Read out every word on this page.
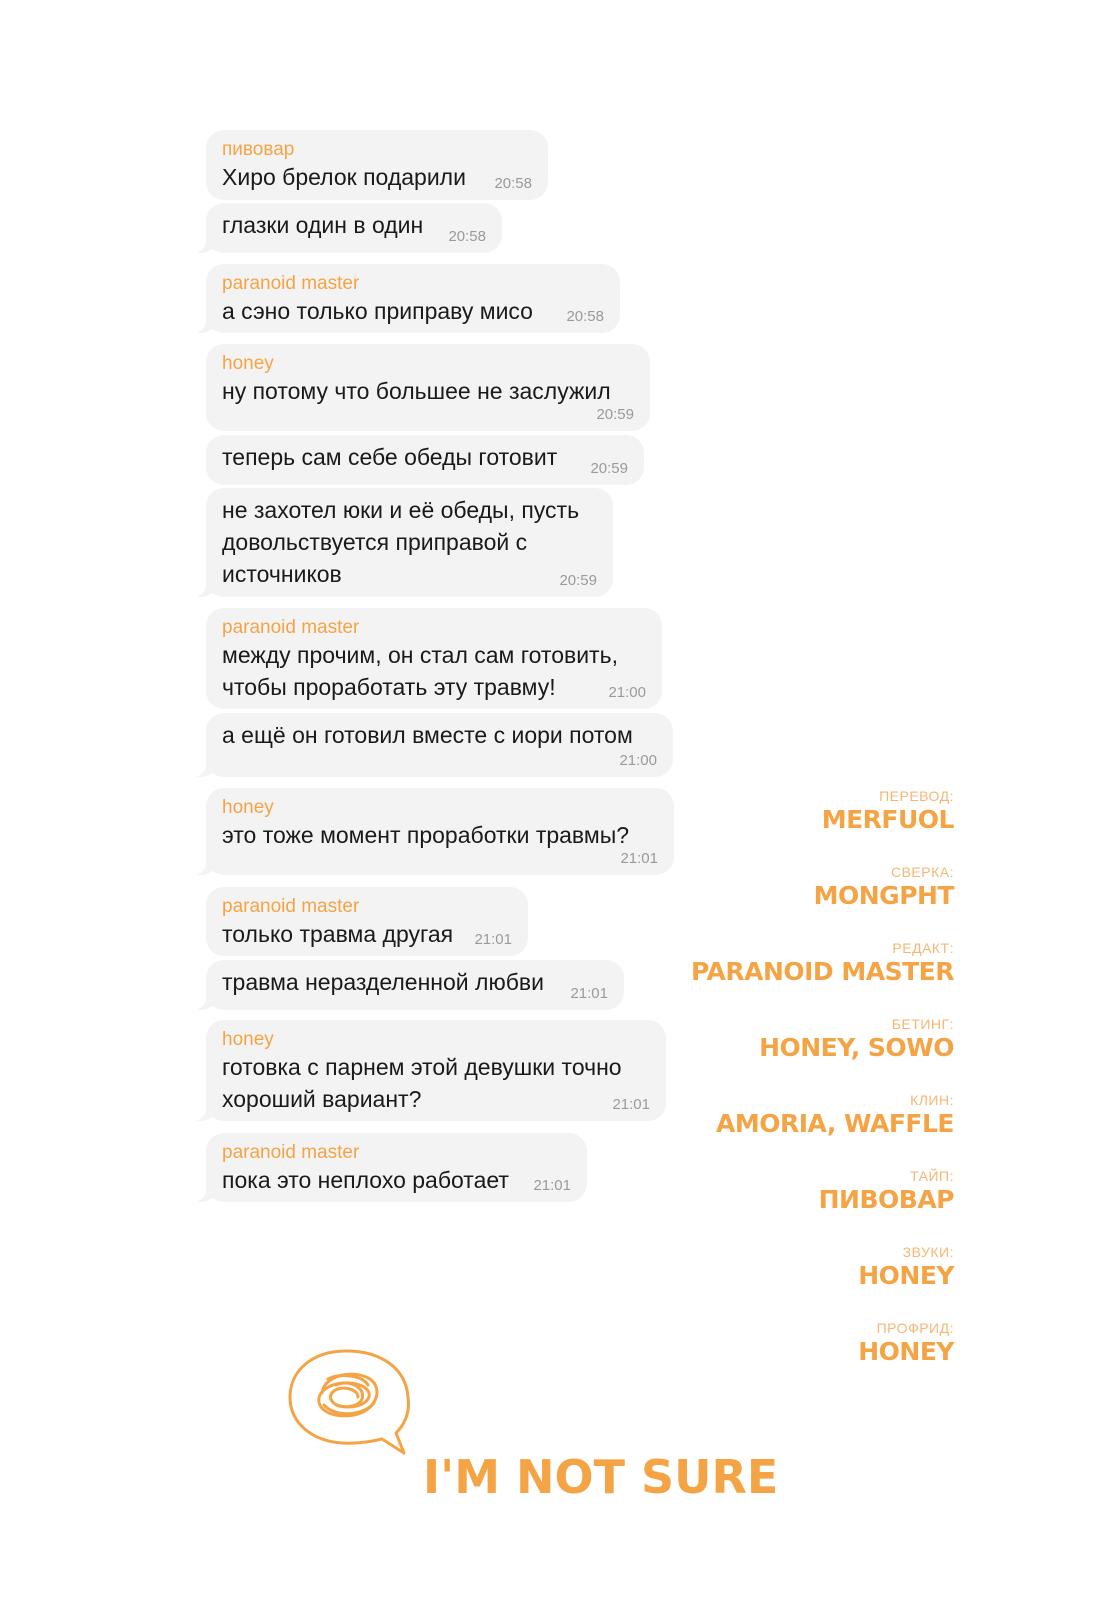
пивовар
Хиро брелок подарили	20:58
глазки один в один	20:58
paranoid master
а сэно только приправу мисо	20:58
honey
ну потому что большее не заслужил
20:59
теперь сам себе обеды готовит	20:59
не захотел юки и её обеды, пусть довольствуется приправой с источников	20:59
paranoid master
между прочим, он стал сам готовить, чтобы проработать эту травму!	21:00
а ещё он готовил вместе с иори потом
21:00
honey
это тоже момент проработки травмы?
21:01
paranoid master
только травма другая	21:01
травма неразделенной любви	21:01
honey
готовка с парнем этой девушки точно хороший вариант?	21:01
paranoid master
пока это неплохо работает	21:01
ПЕРЕВОД:
MERFUOL
СВЕРКА:
MONGPHT
РЕДАКТ:
PARANOID MASTER
БЕТИНГ:
HONEY, SOWO
КЛИН:
AMORIA, WAFFLE
ТАЙП:
ПИВОВАР
ЗВУКИ:
HONEY
ПРОФРИД:
HONEY
I'M NOT SURE
